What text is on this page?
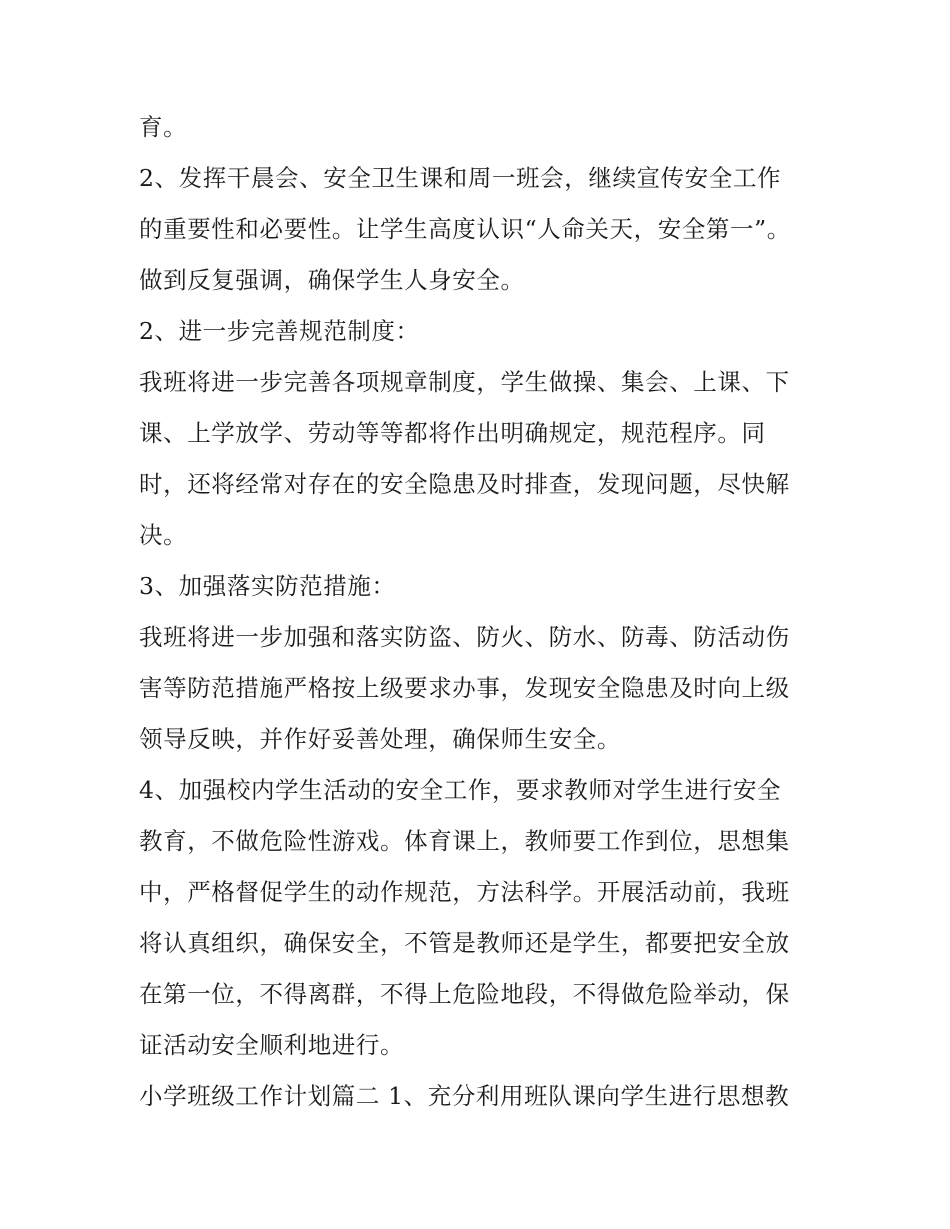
育。
2、发挥干晨会、安全卫生课和周一班会，继续宣传安全工作
的重要性和必要性。让学生高度认识“人命关天，安全第一”。
做到反复强调，确保学生人身安全。
2、进一步完善规范制度：
我班将进一步完善各项规章制度，学生做操、集会、上课、下
课、上学放学、劳动等等都将作出明确规定，规范程序。同
时，还将经常对存在的安全隐患及时排查，发现问题，尽快解
决。
3、加强落实防范措施：
我班将进一步加强和落实防盗、防火、防水、防毒、防活动伤
害等防范措施严格按上级要求办事，发现安全隐患及时向上级
领导反映，并作好妥善处理，确保师生安全。
4、加强校内学生活动的安全工作，要求教师对学生进行安全
教育，不做危险性游戏。体育课上，教师要工作到位，思想集
中，严格督促学生的动作规范，方法科学。开展活动前，我班
将认真组织，确保安全，不管是教师还是学生，都要把安全放
在第一位，不得离群，不得上危险地段，不得做危险举动，保
证活动安全顺利地进行。
小学班级工作计划篇二 1、充分利用班队课向学生进行思想教
